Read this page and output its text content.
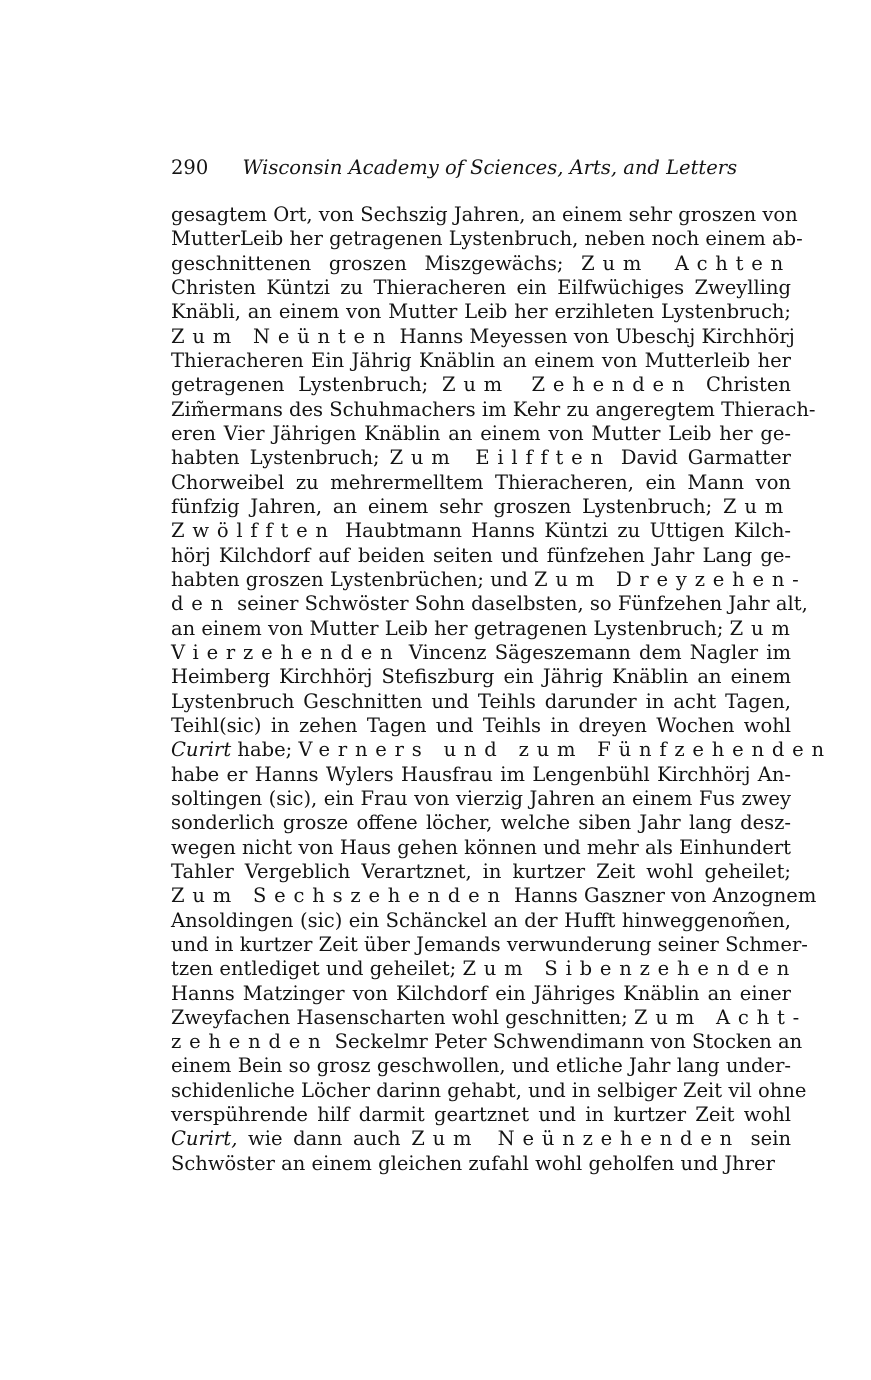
290 Wisconsin Academy of Sciences, Arts, and Letters
gesagtem Ort, von Sechszig Jahren, an einem sehr groszen von
MutterLeib her getragenen Lystenbruch, neben noch einem ab-
geschnittenen groszen Miszgewächs; Zum Achten
Christen Küntzi zu Thieracheren ein Eilfwüchiges Zweylling
Knäbli, an einem von Mutter Leib her erzihleten Lystenbruch;
Zum Neünten Hanns Meyessen von Ubeschj Kirchhörj
Thieracheren Ein Jährig Knäblin an einem von Mutterleib her
getragenen Lystenbruch; Zum Zehenden Christen
Zim̃ermans des Schuhmachers im Kehr zu angeregtem Thierach-
eren Vier Jährigen Knäblin an einem von Mutter Leib her ge-
habten Lystenbruch; Zum Eilfften David Garmatter
Chorweibel zu mehrermelltem Thieracheren, ein Mann von
fünfzig Jahren, an einem sehr groszen Lystenbruch; Zum
Zwölfften Haubtmann Hanns Küntzi zu Uttigen Kilch-
hörj Kilchdorf auf beiden seiten und fünfzehen Jahr Lang ge-
habten groszen Lystenbrüchen; und Zum Dreyzehen-
den seiner Schwöster Sohn daselbsten, so Fünfzehen Jahr alt,
an einem von Mutter Leib her getragenen Lystenbruch; Zum
Vierzehenden Vincenz Sägeszemann dem Nagler im
Heimberg Kirchhörj Stefiszburg ein Jährig Knäblin an einem
Lystenbruch Geschnitten und Teihls darunder in acht Tagen,
Teihl(sic) in zehen Tagen und Teihls in dreyen Wochen wohl
Curirt habe; Verners und zum Fünfzehenden
habe er Hanns Wylers Hausfrau im Lengenbühl Kirchhörj An-
soltingen (sic), ein Frau von vierzig Jahren an einem Fus zwey
sonderlich grosze offene löcher, welche siben Jahr lang desz-
wegen nicht von Haus gehen können und mehr als Einhundert
Tahler Vergeblich Verartznet, in kurtzer Zeit wohl geheilet;
Zum Sechszehenden Hanns Gaszner von Anzognem
Ansoldingen (sic) ein Schänckel an der Hufft hinweggenom̃en,
und in kurtzer Zeit über Jemands verwunderung seiner Schmer-
tzen entlediget und geheilet; Zum Sibenzehenden
Hanns Matzinger von Kilchdorf ein Jähriges Knäblin an einer
Zweyfachen Hasenscharten wohl geschnitten; Zum Acht-
zehenden Seckelmr Peter Schwendimann von Stocken an
einem Bein so grosz geschwollen, und etliche Jahr lang under-
schidenliche Löcher darinn gehabt, und in selbiger Zeit vil ohne
verspührende hilf darmit geartznet und in kurtzer Zeit wohl
Curirt, wie dann auch Zum Neünzehenden sein
Schwöster an einem gleichen zufahl wohl geholfen und Jhrer
